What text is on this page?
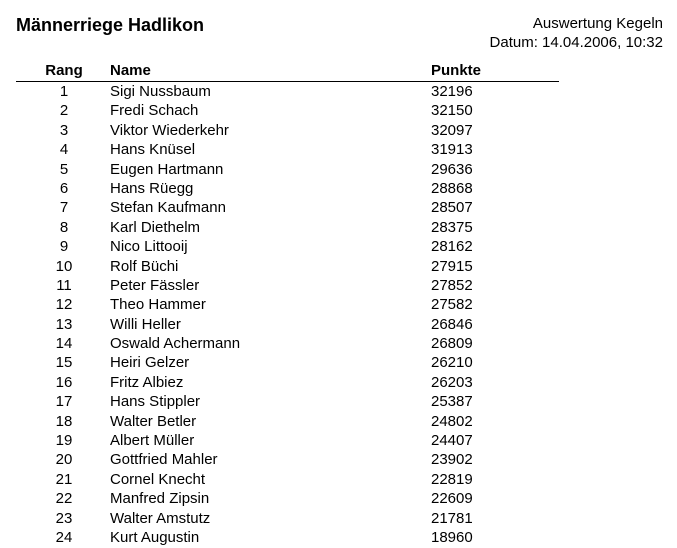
Männerriege Hadlikon	Auswertung Kegeln
Datum: 14.04.2006, 10:32
Rang	Name	Punkte
1	Sigi Nussbaum	32196
2	Fredi Schach	32150
3	Viktor Wiederkehr	32097
4	Hans Knüsel	31913
5	Eugen Hartmann	29636
6	Hans Rüegg	28868
7	Stefan Kaufmann	28507
8	Karl Diethelm	28375
9	Nico Littooij	28162
10	Rolf Büchi	27915
11	Peter Fässler	27852
12	Theo Hammer	27582
13	Willi Heller	26846
14	Oswald Achermann	26809
15	Heiri Gelzer	26210
16	Fritz Albiez	26203
17	Hans Stippler	25387
18	Walter Betler	24802
19	Albert Müller	24407
20	Gottfried Mahler	23902
21	Cornel Knecht	22819
22	Manfred Zipsin	22609
23	Walter Amstutz	21781
24	Kurt Augustin	18960
